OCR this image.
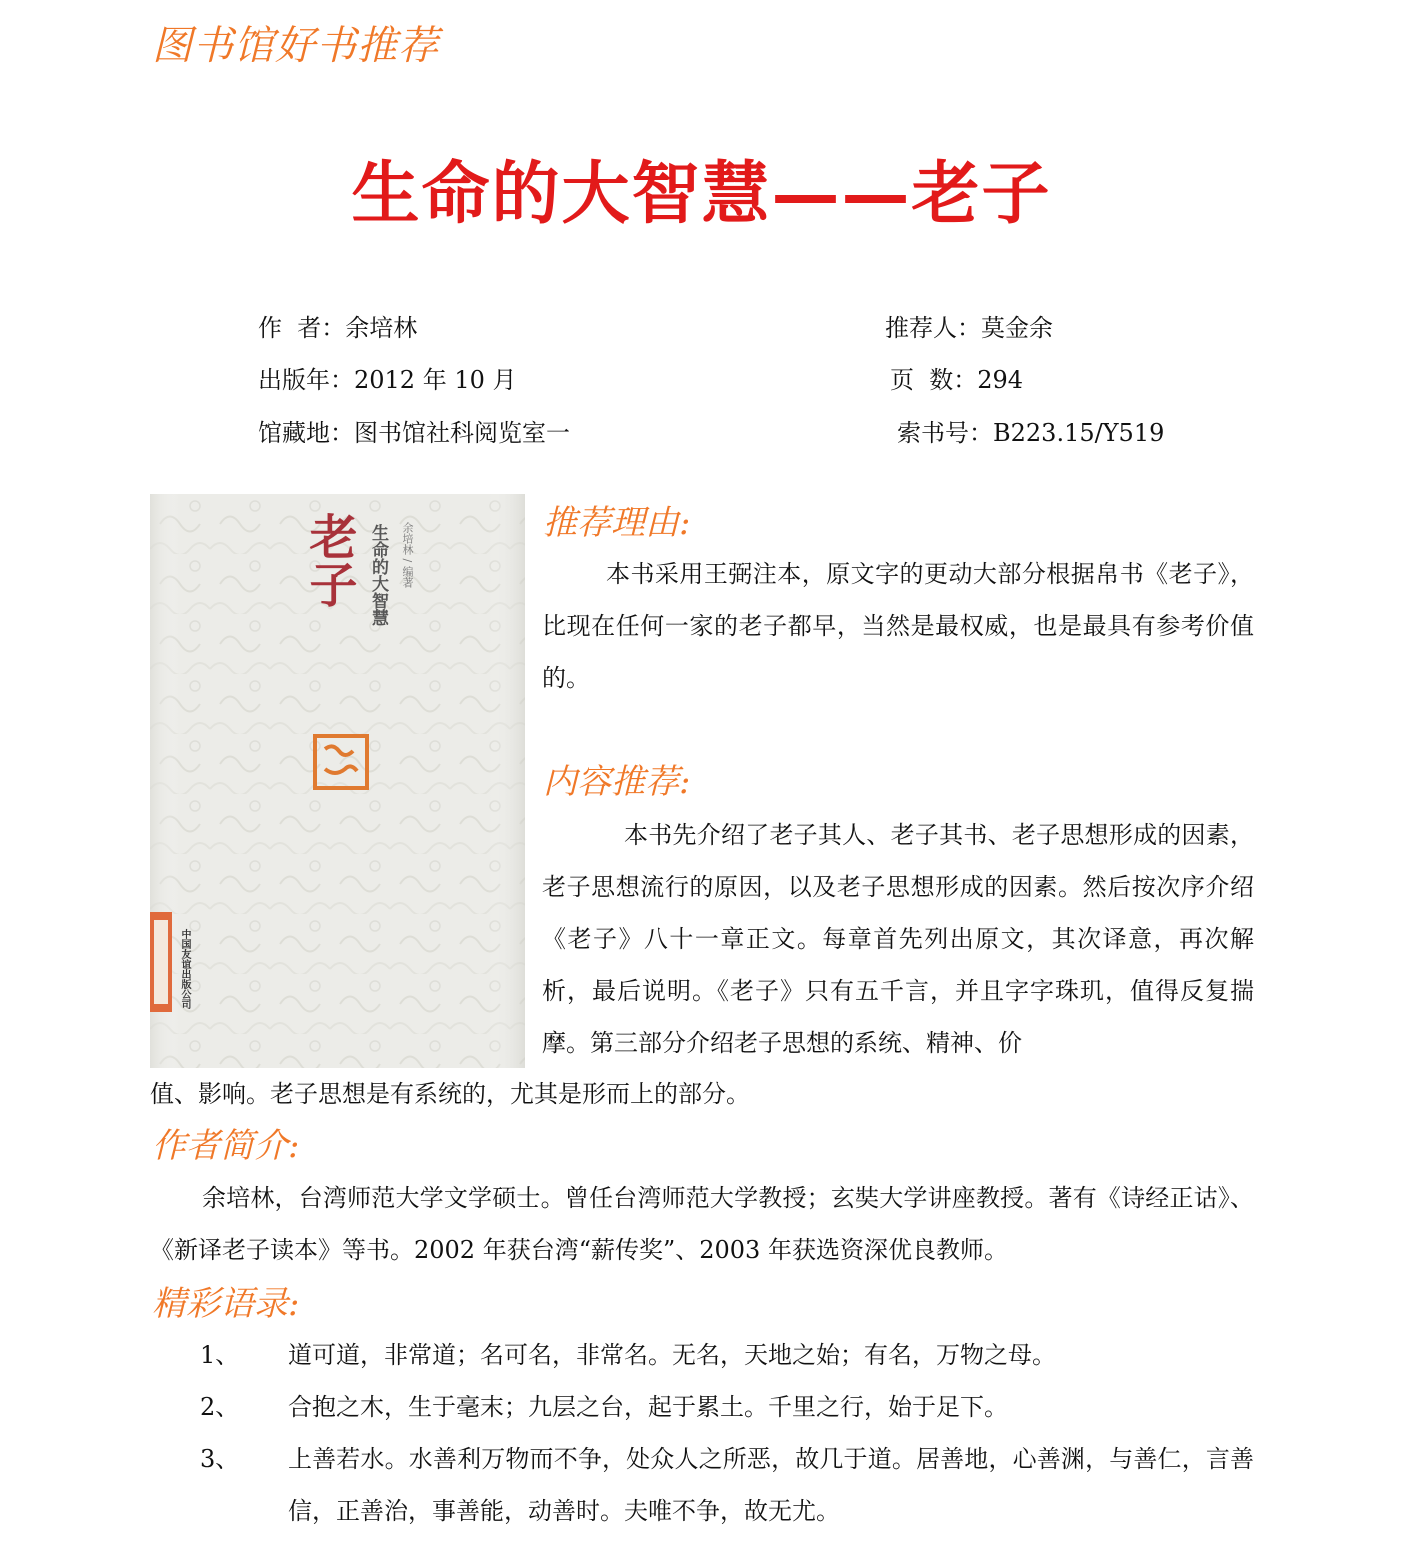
图书馆好书推荐
生命的大智慧——老子
作  者：余培林	推荐人：莫金余
出版年：2012 年 10 月	页  数：294
馆藏地：图书馆社科阅览室一	索书号：B223.15/Y519
老子 生命的大智慧 余培林 / 编著
中国友谊出版公司
推荐理由:
本书采用王弼注本，原文字的更动大部分根据帛书《老子》，比现在任何一家的老子都早，当然是最权威，也是最具有参考价值的。
内容推荐:
本书先介绍了老子其人、老子其书、老子思想形成的因素，老子思想流行的原因，以及老子思想形成的因素。然后按次序介绍《老子》八十一章正文。每章首先列出原文，其次译意，再次解析，最后说明。《老子》只有五千言，并且字字珠玑，值得反复揣摩。第三部分介绍老子思想的系统、精神、价
值、影响。老子思想是有系统的，尤其是形而上的部分。
作者简介:
余培林，台湾师范大学文学硕士。曾任台湾师范大学教授；玄奘大学讲座教授。著有《诗经正诂》、《新译老子读本》等书。2002 年获台湾“薪传奖”、2003 年获选资深优良教师。
精彩语录:
1、 道可道，非常道；名可名，非常名。无名，天地之始；有名，万物之母。
2、 合抱之木，生于毫末；九层之台，起于累土。千里之行，始于足下。
3、 上善若水。水善利万物而不争，处众人之所恶，故几于道。居善地，心善渊，与善仁，言善信，正善治，事善能，动善时。夫唯不争，故无尤。
